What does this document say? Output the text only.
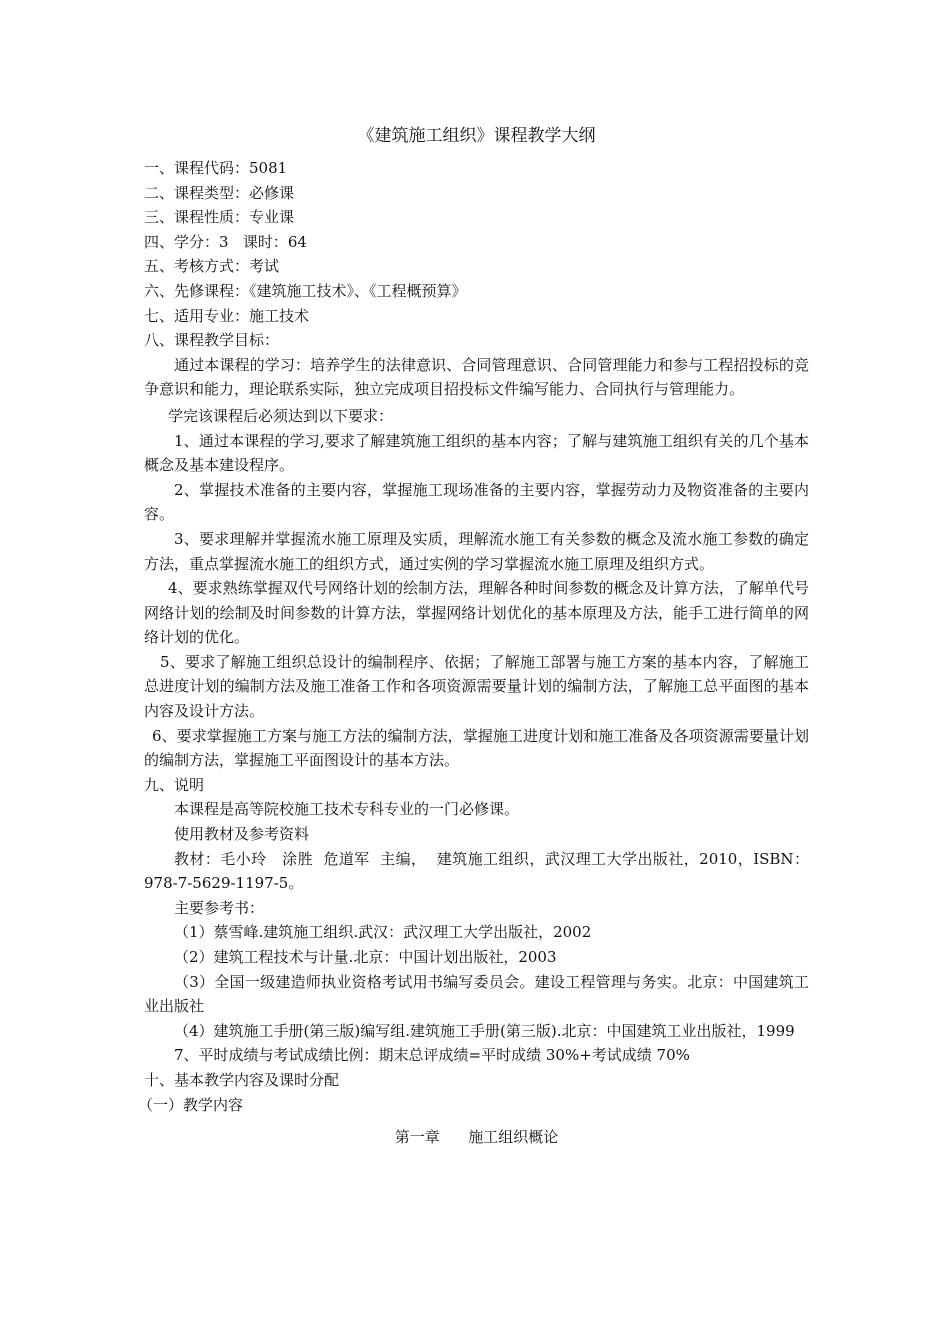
《建筑施工组织》课程教学大纲
一、课程代码：5081
二、课程类型：必修课
三、课程性质：专业课
四、学分：3   课时：64
五、考核方式：考试
六、先修课程：《建筑施工技术》、《工程概预算》
七、适用专业：施工技术
八、课程教学目标：
通过本课程的学习：培养学生的法律意识、合同管理意识、合同管理能力和参与工程招投标的竞争意识和能力，理论联系实际，独立完成项目招投标文件编写能力、合同执行与管理能力。
学完该课程后必须达到以下要求：
1、通过本课程的学习,要求了解建筑施工组织的基本内容；了解与建筑施工组织有关的几个基本概念及基本建设程序。
2、掌握技术准备的主要内容，掌握施工现场准备的主要内容，掌握劳动力及物资准备的主要内容。
3、要求理解并掌握流水施工原理及实质，理解流水施工有关参数的概念及流水施工参数的确定方法，重点掌握流水施工的组织方式，通过实例的学习掌握流水施工原理及组织方式。
4、要求熟练掌握双代号网络计划的绘制方法，理解各种时间参数的概念及计算方法，了解单代号网络计划的绘制及时间参数的计算方法，掌握网络计划优化的基本原理及方法，能手工进行简单的网络计划的优化。
5、要求了解施工组织总设计的编制程序、依据；了解施工部署与施工方案的基本内容，了解施工总进度计划的编制方法及施工准备工作和各项资源需要量计划的编制方法，了解施工总平面图的基本内容及设计方法。
6、要求掌握施工方案与施工方法的编制方法，掌握施工进度计划和施工准备及各项资源需要量计划的编制方法，掌握施工平面图设计的基本方法。
九、说明
本课程是高等院校施工技术专科专业的一门必修课。
使用教材及参考资料
教材：毛小玲   涂胜  危道军  主编，  建筑施工组织，武汉理工大学出版社，2010，ISBN：978-7-5629-1197-5。
主要参考书：
（1）蔡雪峰.建筑施工组织.武汉：武汉理工大学出版社，2002
（2）建筑工程技术与计量.北京：中国计划出版社，2003
（3）全国一级建造师执业资格考试用书编写委员会。建设工程管理与务实。北京：中国建筑工业出版社
（4）建筑施工手册(第三版)编写组.建筑施工手册(第三版).北京：中国建筑工业出版社，1999
7、平时成绩与考试成绩比例：期末总评成绩=平时成绩 30%+考试成绩 70%
十、基本教学内容及课时分配
（一）教学内容
第一章      施工组织概论
